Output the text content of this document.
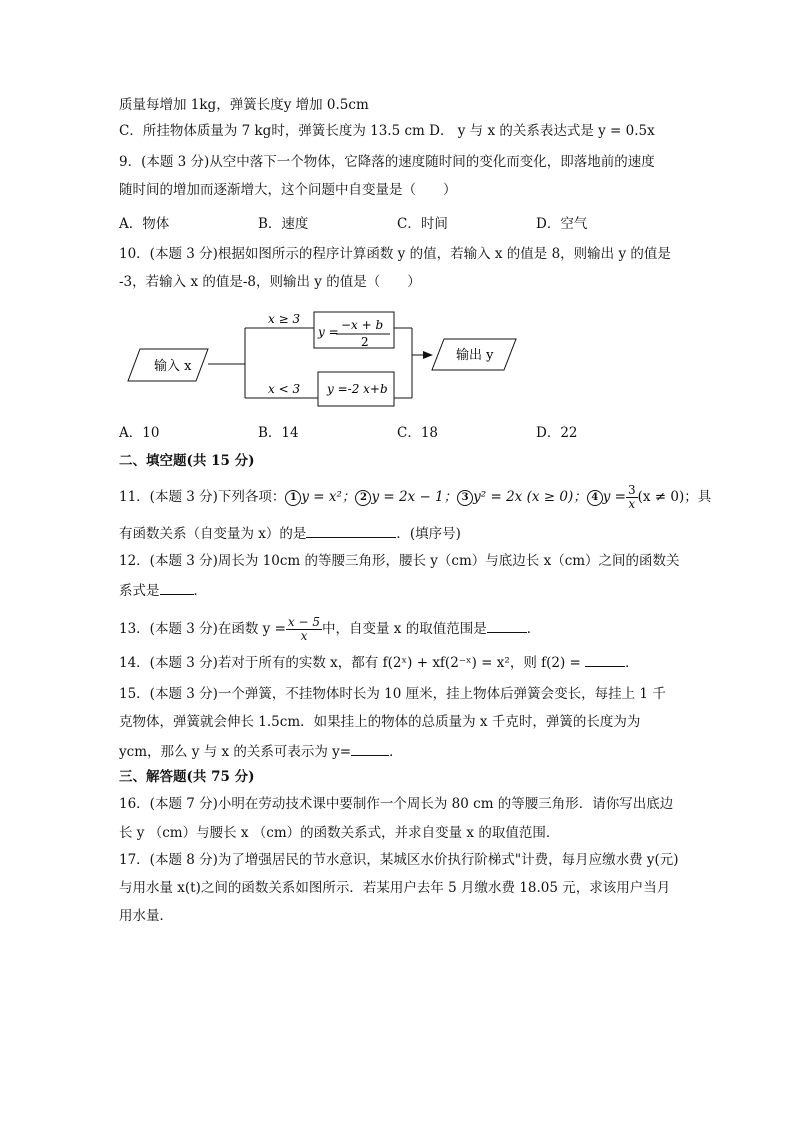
质量每增加 1kg，弹簧长度y 增加 0.5cm
C．所挂物体质量为 7 kg时，弹簧长度为 13.5 cm D． y 与 x 的关系表达式是 y = 0.5x
9．(本题 3 分)从空中落下一个物体，它降落的速度随时间的变化而变化，即落地前的速度
随时间的增加而逐渐增大，这个问题中自变量是（　　）
A．物体	B．速度	C．时间	D．空气
10．(本题 3 分)根据如图所示的程序计算函数 y 的值，若输入 x 的值是 8，则输出 y 的值是
-3，若输入 x 的值是-8，则输出 y 的值是（　　）
输入 x
输出 y
x ≥ 3
x < 3
y = −x + b
2
y =-2 x+b
A．10	B．14	C．18	D．22
二、填空题(共 15 分)
11．(本题 3 分)下列各项： 1 y = x²； 2 y = 2x − 1； 3 y² = 2x (x ≥ 0)； 4 $y = \frac{3}{x} (x \ne 0)$；具
有函数关系（自变量为 x）的是	．(填序号)
12．(本题 3 分)周长为 10cm 的等腰三角形，腰长 y（cm）与底边长 x（cm）之间的函数关
系式是	．
13．(本题 3 分)在函数 $y = \frac{x - 5}{x}$ 中，自变量 x 的取值范围是	．
14．(本题 3 分)若对于所有的实数 x，都有 f(2ˣ) + xf(2⁻ˣ) = x²，则 f(2) =	．
15．(本题 3 分)一个弹簧，不挂物体时长为 10 厘米，挂上物体后弹簧会变长，每挂上 1 千
克物体，弹簧就会伸长 1.5cm．如果挂上的物体的总质量为 x 千克时，弹簧的长度为为
ycm，那么 y 与 x 的关系可表示为 y=	．
三、解答题(共 75 分)
16．(本题 7 分)小明在劳动技术课中要制作一个周长为 80 cm 的等腰三角形．请你写出底边
长 y （cm）与腰长 x （cm）的函数关系式，并求自变量 x 的取值范围．
17．(本题 8 分)为了增强居民的节水意识，某城区水价执行阶梯式"计费，每月应缴水费 y(元)
与用水量 x(t)之间的函数关系如图所示．若某用户去年 5 月缴水费 18.05 元，求该用户当月
用水量．
